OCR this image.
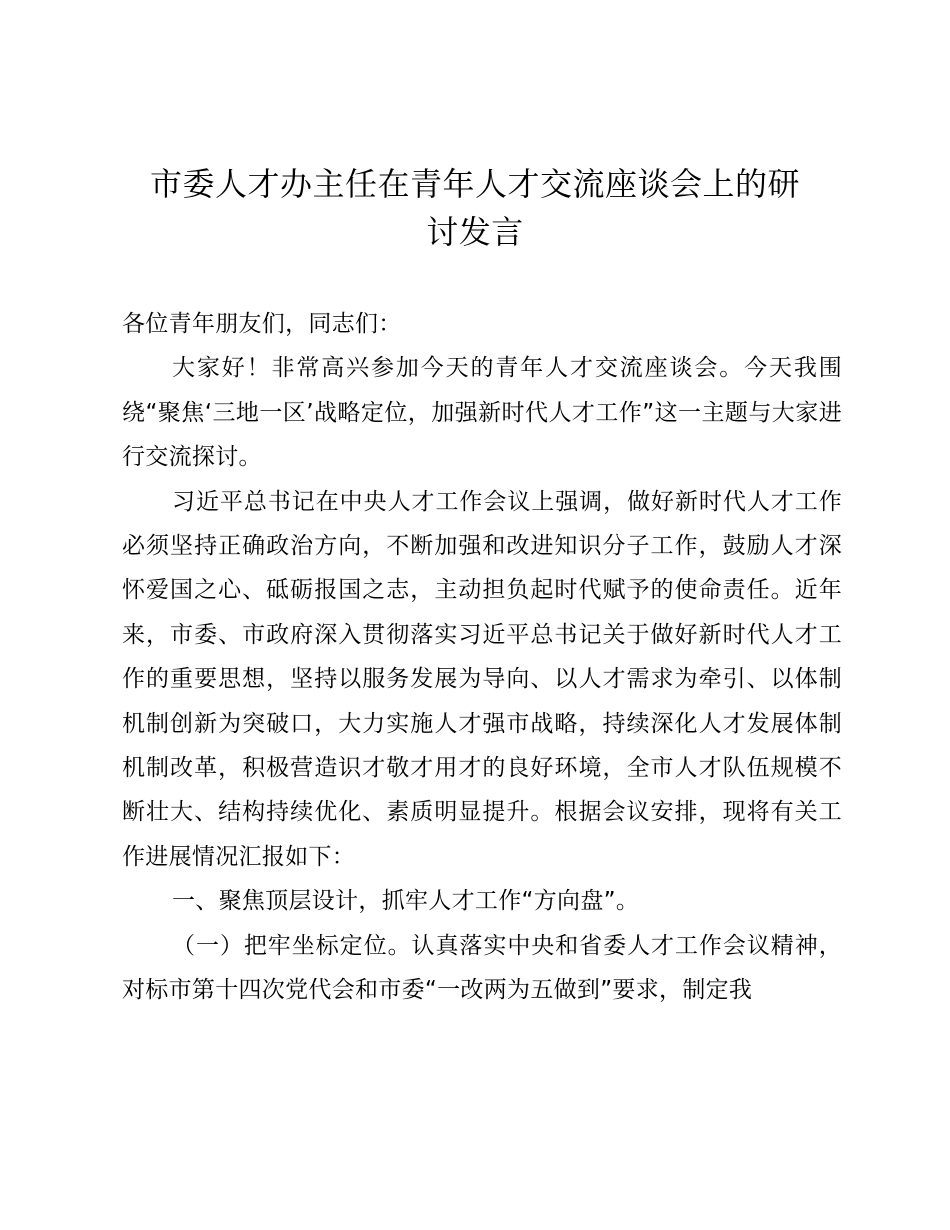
市委人才办主任在青年人才交流座谈会上的研
讨发言

各位青年朋友们，同志们：

大家好！非常高兴参加今天的青年人才交流座谈会。今天我围绕“聚焦‘三地一区’战略定位，加强新时代人才工作”这一主题与大家进行交流探讨。

习近平总书记在中央人才工作会议上强调，做好新时代人才工作必须坚持正确政治方向，不断加强和改进知识分子工作，鼓励人才深怀爱国之心、砥砺报国之志，主动担负起时代赋予的使命责任。近年来，市委、市政府深入贯彻落实习近平总书记关于做好新时代人才工作的重要思想，坚持以服务发展为导向、以人才需求为牵引、以体制机制创新为突破口，大力实施人才强市战略，持续深化人才发展体制机制改革，积极营造识才敬才用才的良好环境，全市人才队伍规模不断壮大、结构持续优化、素质明显提升。根据会议安排，现将有关工作进展情况汇报如下：

一、聚焦顶层设计，抓牢人才工作“方向盘”。

（一）把牢坐标定位。认真落实中央和省委人才工作会议精神，对标市第十四次党代会和市委“一改两为五做到”要求，制定我
